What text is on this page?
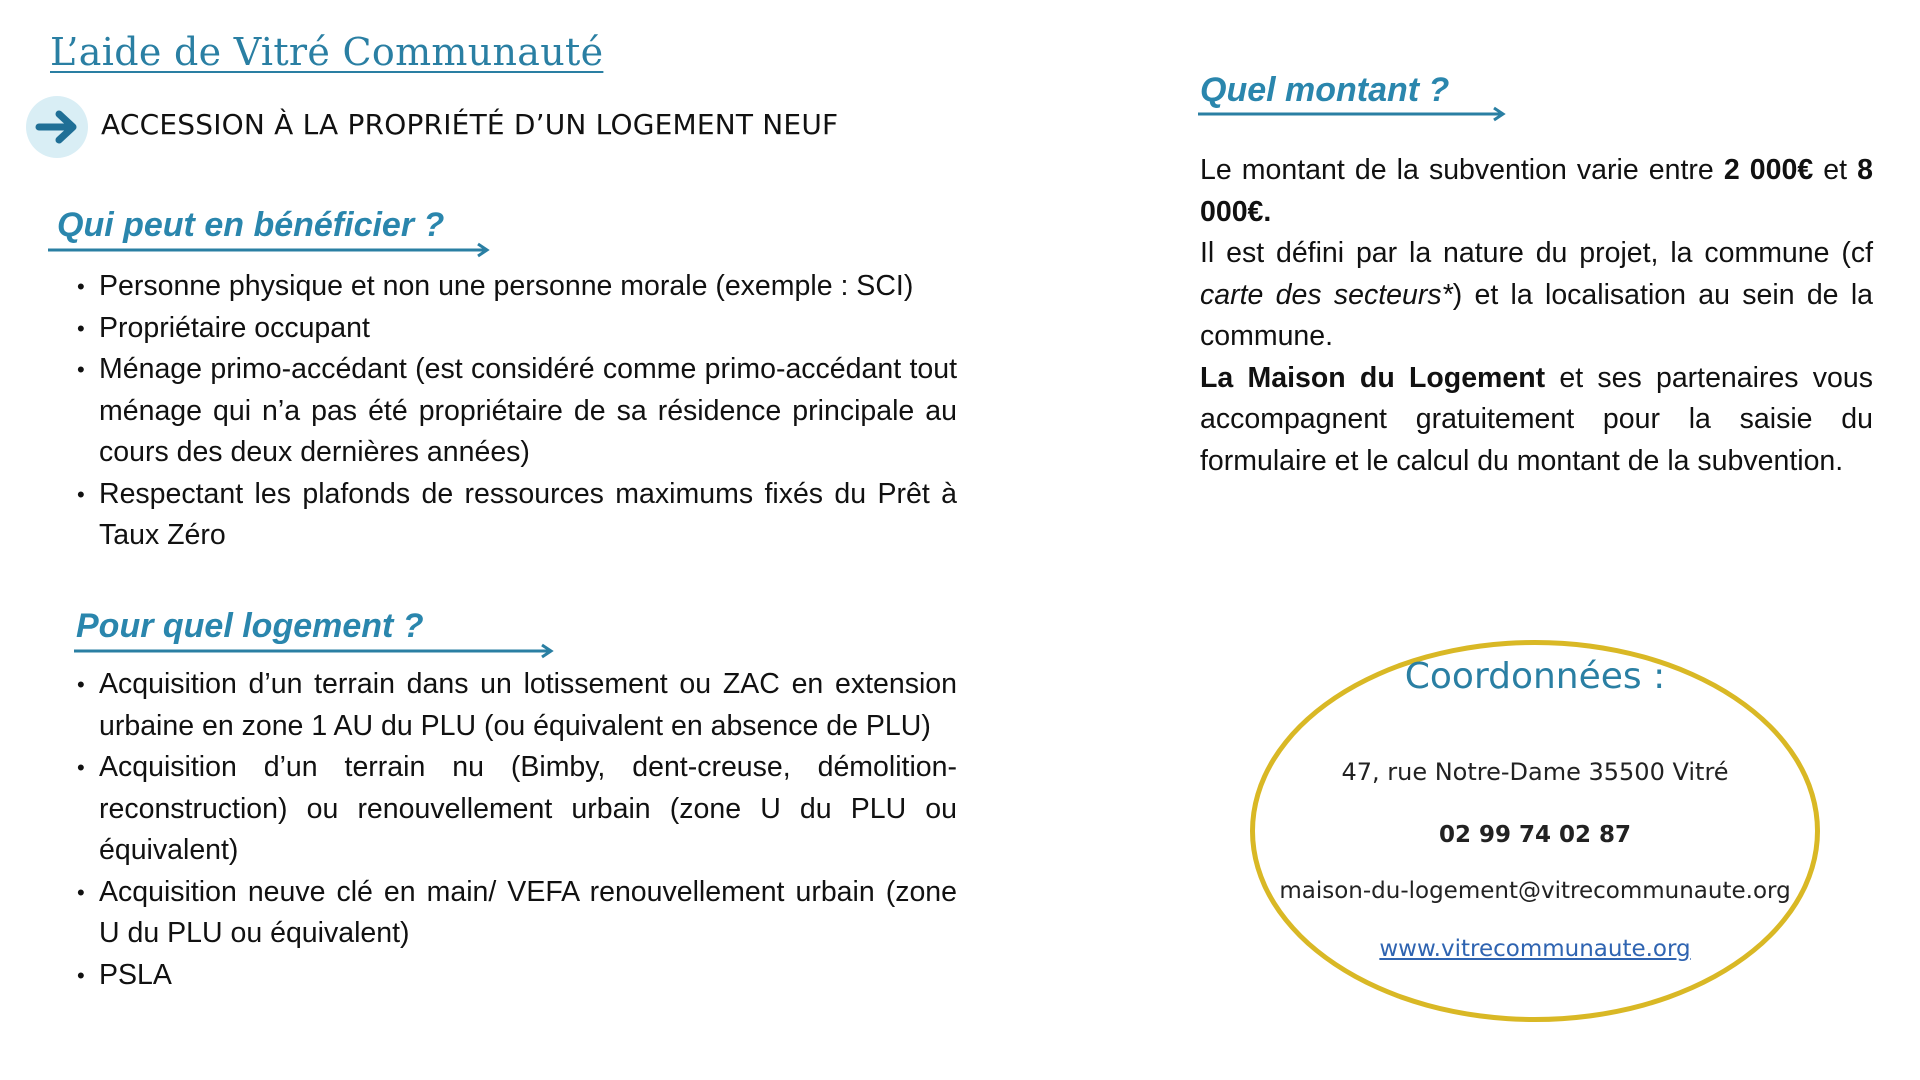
L’aide de Vitré Communauté
ACCESSION À LA PROPRIÉTÉ D’UN LOGEMENT NEUF
Qui peut en bénéficier ?
• Personne physique et non une personne morale (exemple : SCI)
• Propriétaire occupant
• Ménage primo-accédant (est considéré comme primo-accédant tout ménage qui n’a pas été propriétaire de sa résidence principale au cours des deux dernières années)
• Respectant les plafonds de ressources maximums fixés du Prêt à Taux Zéro
Pour quel logement ?
• Acquisition d’un terrain dans un lotissement ou ZAC en extension urbaine en zone 1 AU du PLU (ou équivalent en absence de PLU)
• Acquisition d’un terrain nu (Bimby, dent-creuse, démolition-reconstruction) ou renouvellement urbain (zone U du PLU ou équivalent)
• Acquisition neuve clé en main/ VEFA renouvellement urbain (zone U du PLU ou équivalent)
• PSLA
Quel montant ?

Le montant de la subvention varie entre 2 000€ et 8 000€.
Il est défini par la nature du projet, la commune (cf carte des secteurs*) et la localisation au sein de la commune.
La Maison du Logement et ses partenaires vous accompagnent gratuitement pour la saisie du formulaire et le calcul du montant de la subvention.

Coordonnées :
47, rue Notre-Dame 35500 Vitré
02 99 74 02 87
maison-du-logement@vitrecommunaute.org
www.vitrecommunaute.org
